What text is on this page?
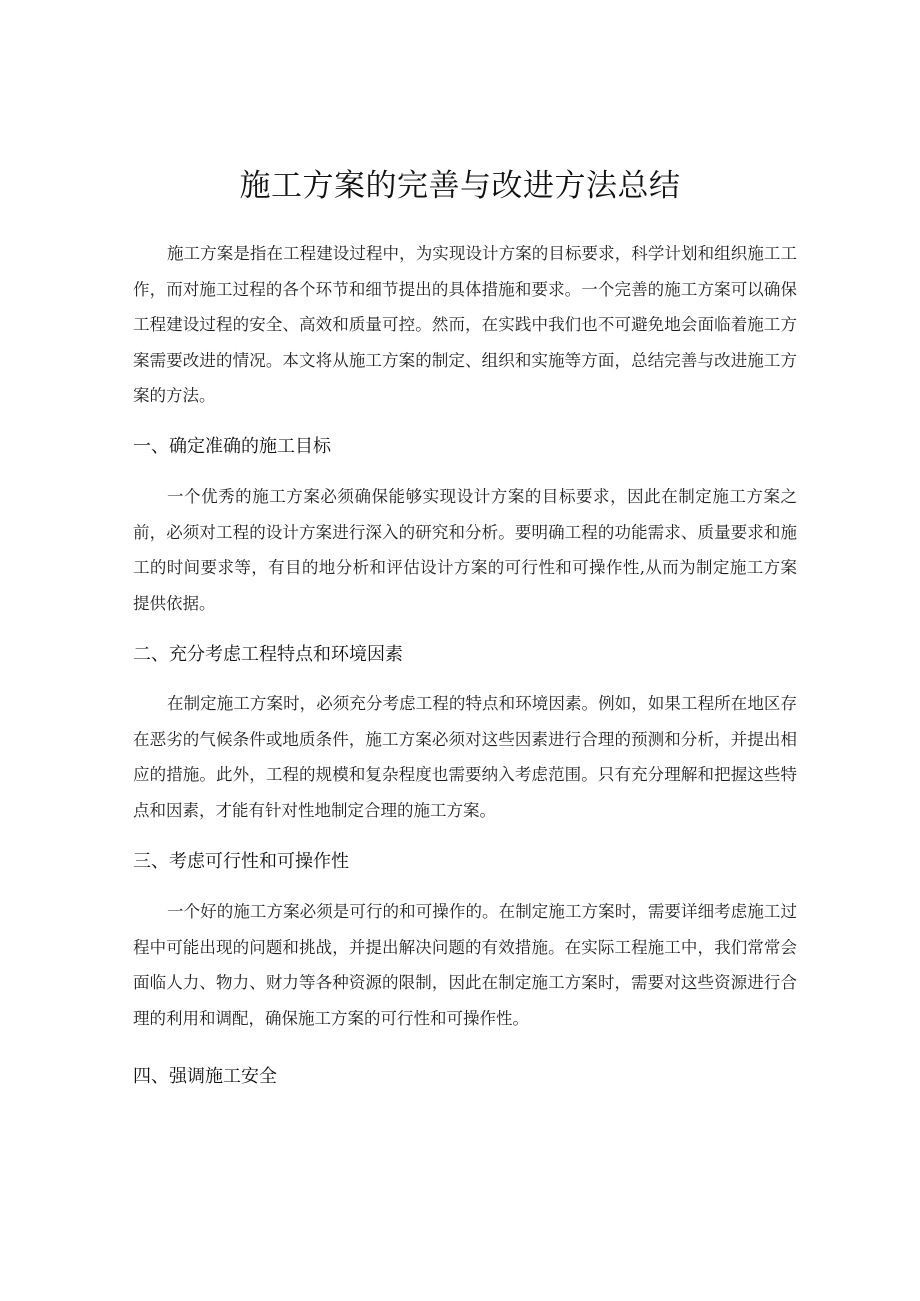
施工方案的完善与改进方法总结

施工方案是指在工程建设过程中，为实现设计方案的目标要求，科学计划和组织施工工作，而对施工过程的各个环节和细节提出的具体措施和要求。一个完善的施工方案可以确保工程建设过程的安全、高效和质量可控。然而，在实践中我们也不可避免地会面临着施工方案需要改进的情况。本文将从施工方案的制定、组织和实施等方面，总结完善与改进施工方案的方法。

一、确定准确的施工目标

一个优秀的施工方案必须确保能够实现设计方案的目标要求，因此在制定施工方案之前，必须对工程的设计方案进行深入的研究和分析。要明确工程的功能需求、质量要求和施工的时间要求等，有目的地分析和评估设计方案的可行性和可操作性,从而为制定施工方案提供依据。

二、充分考虑工程特点和环境因素

在制定施工方案时，必须充分考虑工程的特点和环境因素。例如，如果工程所在地区存在恶劣的气候条件或地质条件，施工方案必须对这些因素进行合理的预测和分析，并提出相应的措施。此外，工程的规模和复杂程度也需要纳入考虑范围。只有充分理解和把握这些特点和因素，才能有针对性地制定合理的施工方案。

三、考虑可行性和可操作性

一个好的施工方案必须是可行的和可操作的。在制定施工方案时，需要详细考虑施工过程中可能出现的问题和挑战，并提出解决问题的有效措施。在实际工程施工中，我们常常会面临人力、物力、财力等各种资源的限制，因此在制定施工方案时，需要对这些资源进行合理的利用和调配，确保施工方案的可行性和可操作性。

四、强调施工安全
